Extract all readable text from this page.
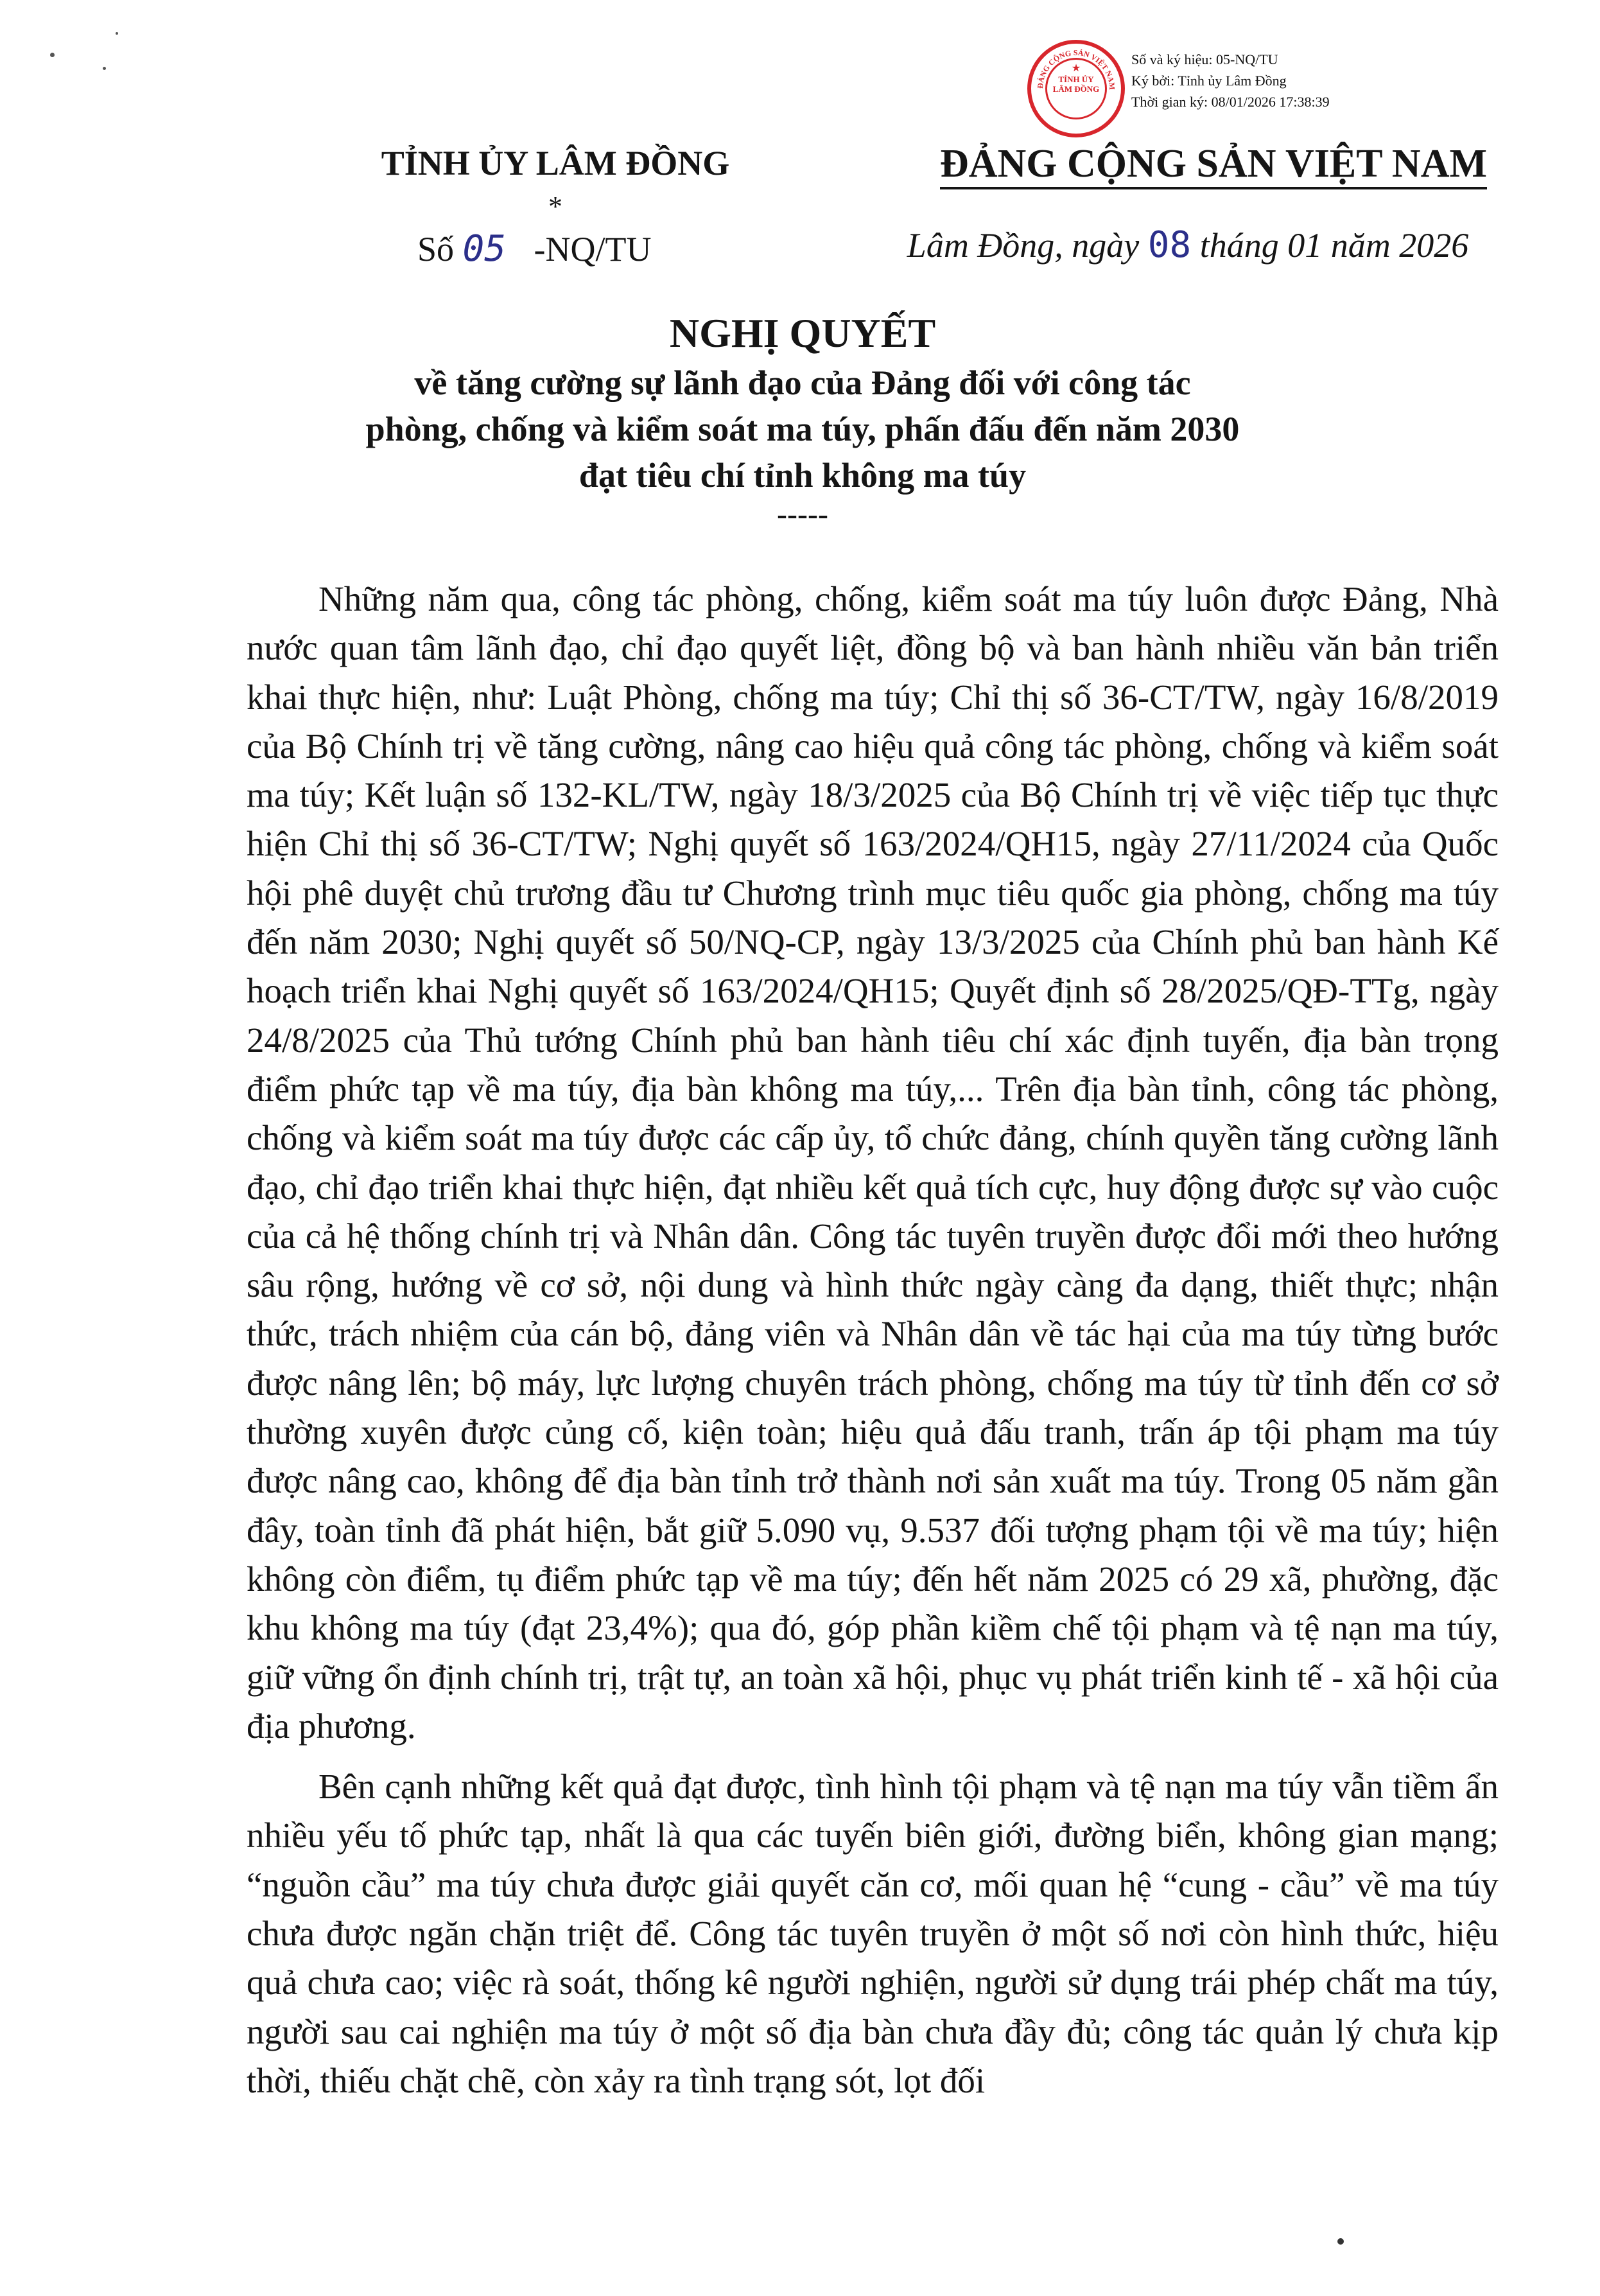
ĐẢNG CỘNG SẢN VIỆT NAM
★
TỈNH ỦY
LÂM ĐỒNG
Số và ký hiệu: 05-NQ/TU
Ký bởi: Tỉnh ủy Lâm Đồng
Thời gian ký: 08/01/2026 17:38:39
TỈNH ỦY LÂM ĐỒNG
*
Số 05 -NQ/TU
ĐẢNG CỘNG SẢN VIỆT NAM
Lâm Đồng, ngày 08 tháng 01 năm 2026
NGHỊ QUYẾT
về tăng cường sự lãnh đạo của Đảng đối với công tác
phòng, chống và kiểm soát ma túy, phấn đấu đến năm 2030
đạt tiêu chí tỉnh không ma túy
-----

Những năm qua, công tác phòng, chống, kiểm soát ma túy luôn được Đảng, Nhà nước quan tâm lãnh đạo, chỉ đạo quyết liệt, đồng bộ và ban hành nhiều văn bản triển khai thực hiện, như: Luật Phòng, chống ma túy; Chỉ thị số 36-CT/TW, ngày 16/8/2019 của Bộ Chính trị về tăng cường, nâng cao hiệu quả công tác phòng, chống và kiểm soát ma túy; Kết luận số 132-KL/TW, ngày 18/3/2025 của Bộ Chính trị về việc tiếp tục thực hiện Chỉ thị số 36-CT/TW; Nghị quyết số 163/2024/QH15, ngày 27/11/2024 của Quốc hội phê duyệt chủ trương đầu tư Chương trình mục tiêu quốc gia phòng, chống ma túy đến năm 2030; Nghị quyết số 50/NQ-CP, ngày 13/3/2025 của Chính phủ ban hành Kế hoạch triển khai Nghị quyết số 163/2024/QH15; Quyết định số 28/2025/QĐ-TTg, ngày 24/8/2025 của Thủ tướng Chính phủ ban hành tiêu chí xác định tuyến, địa bàn trọng điểm phức tạp về ma túy, địa bàn không ma túy,... Trên địa bàn tỉnh, công tác phòng, chống và kiểm soát ma túy được các cấp ủy, tổ chức đảng, chính quyền tăng cường lãnh đạo, chỉ đạo triển khai thực hiện, đạt nhiều kết quả tích cực, huy động được sự vào cuộc của cả hệ thống chính trị và Nhân dân. Công tác tuyên truyền được đổi mới theo hướng sâu rộng, hướng về cơ sở, nội dung và hình thức ngày càng đa dạng, thiết thực; nhận thức, trách nhiệm của cán bộ, đảng viên và Nhân dân về tác hại của ma túy từng bước được nâng lên; bộ máy, lực lượng chuyên trách phòng, chống ma túy từ tỉnh đến cơ sở thường xuyên được củng cố, kiện toàn; hiệu quả đấu tranh, trấn áp tội phạm ma túy được nâng cao, không để địa bàn tỉnh trở thành nơi sản xuất ma túy. Trong 05 năm gần đây, toàn tỉnh đã phát hiện, bắt giữ 5.090 vụ, 9.537 đối tượng phạm tội về ma túy; hiện không còn điểm, tụ điểm phức tạp về ma túy; đến hết năm 2025 có 29 xã, phường, đặc khu không ma túy (đạt 23,4%); qua đó, góp phần kiềm chế tội phạm và tệ nạn ma túy, giữ vững ổn định chính trị, trật tự, an toàn xã hội, phục vụ phát triển kinh tế - xã hội của địa phương.

Bên cạnh những kết quả đạt được, tình hình tội phạm và tệ nạn ma túy vẫn tiềm ẩn nhiều yếu tố phức tạp, nhất là qua các tuyến biên giới, đường biển, không gian mạng; “nguồn cầu” ma túy chưa được giải quyết căn cơ, mối quan hệ “cung - cầu” về ma túy chưa được ngăn chặn triệt để. Công tác tuyên truyền ở một số nơi còn hình thức, hiệu quả chưa cao; việc rà soát, thống kê người nghiện, người sử dụng trái phép chất ma túy, người sau cai nghiện ma túy ở một số địa bàn chưa đầy đủ; công tác quản lý chưa kịp thời, thiếu chặt chẽ, còn xảy ra tình trạng sót, lọt đối
